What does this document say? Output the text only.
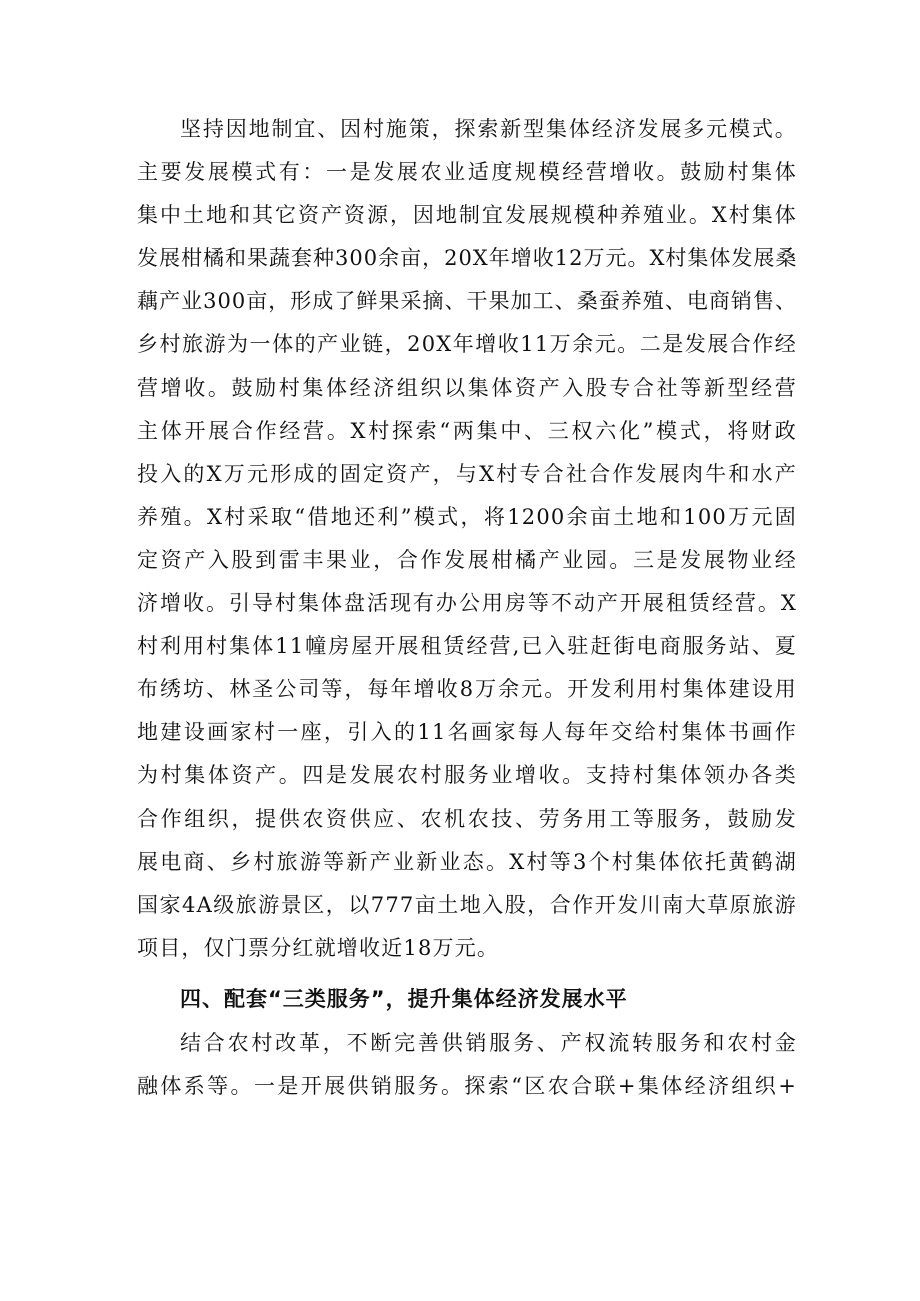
坚持因地制宜、因村施策，探索新型集体经济发展多元模式。
主要发展模式有：一是发展农业适度规模经营增收。鼓励村集体
集中土地和其它资产资源，因地制宜发展规模种养殖业。X村集体
发展柑橘和果蔬套种300余亩，20X年增收12万元。X村集体发展桑
藕产业300亩，形成了鲜果采摘、干果加工、桑蚕养殖、电商销售、
乡村旅游为一体的产业链，20X年增收11万余元。二是发展合作经
营增收。鼓励村集体经济组织以集体资产入股专合社等新型经营
主体开展合作经营。X村探索“两集中、三权六化”模式，将财政
投入的X万元形成的固定资产，与X村专合社合作发展肉牛和水产
养殖。X村采取“借地还利”模式，将1200余亩土地和100万元固
定资产入股到雷丰果业，合作发展柑橘产业园。三是发展物业经
济增收。引导村集体盘活现有办公用房等不动产开展租赁经营。X
村利用村集体11幢房屋开展租赁经营,已入驻赶街电商服务站、夏
布绣坊、林圣公司等，每年增收8万余元。开发利用村集体建设用
地建设画家村一座，引入的11名画家每人每年交给村集体书画作
为村集体资产。四是发展农村服务业增收。支持村集体领办各类
合作组织，提供农资供应、农机农技、劳务用工等服务，鼓励发
展电商、乡村旅游等新产业新业态。X村等3个村集体依托黄鹤湖
国家4A级旅游景区，以777亩土地入股，合作开发川南大草原旅游
项目，仅门票分红就增收近18万元。
四、配套“三类服务”，提升集体经济发展水平
结合农村改革，不断完善供销服务、产权流转服务和农村金
融体系等。一是开展供销服务。探索“区农合联+集体经济组织+
